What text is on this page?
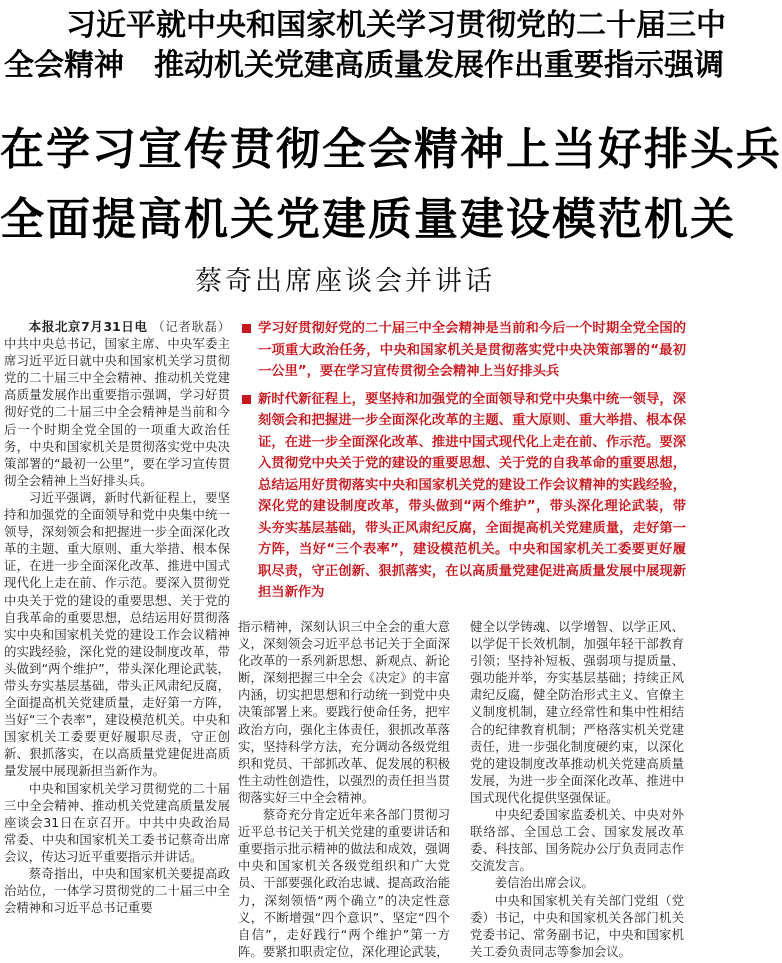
习近平就中央和国家机关学习贯彻党的二十届三中
全会精神　推动机关党建高质量发展作出重要指示强调
在学习宣传贯彻全会精神上当好排头兵
全面提高机关党建质量建设模范机关
蔡奇出席座谈会并讲话

本报北京7月31日电 （记者耿磊）中共中央总书记，国家主席、中央军委主席习近平近日就中央和国家机关学习贯彻党的二十届三中全会精神、推动机关党建高质量发展作出重要指示强调，学习好贯彻好党的二十届三中全会精神是当前和今后一个时期全党全国的一项重大政治任务，中央和国家机关是贯彻落实党中央决策部署的“最初一公里”，要在学习宣传贯彻全会精神上当好排头兵。

习近平强调，新时代新征程上，要坚持和加强党的全面领导和党中央集中统一领导，深刻领会和把握进一步全面深化改革的主题、重大原则、重大举措、根本保证，在进一步全面深化改革、推进中国式现代化上走在前、作示范。要深入贯彻党中央关于党的建设的重要思想、关于党的自我革命的重要思想，总结运用好贯彻落实中央和国家机关党的建设工作会议精神的实践经验，深化党的建设制度改革，带头做到“两个维护”，带头深化理论武装，带头夯实基层基础，带头正风肃纪反腐，全面提高机关党建质量，走好第一方阵，当好“三个表率”，建设模范机关。中央和国家机关工委要更好履职尽责，守正创新、狠抓落实，在以高质量党建促进高质量发展中展现新担当新作为。

中央和国家机关学习贯彻党的二十届三中全会精神、推动机关党建高质量发展座谈会31日在京召开。中共中央政治局常委、中央和国家机关工委书记蔡奇出席会议，传达习近平重要指示并讲话。

蔡奇指出，中央和国家机关要提高政治站位，一体学习贯彻党的二十届三中全会精神和习近平总书记重要

学习好贯彻好党的二十届三中全会精神是当前和今后一个时期全党全国的一项重大政治任务，中央和国家机关是贯彻落实党中央决策部署的“最初一公里”，要在学习宣传贯彻全会精神上当好排头兵
新时代新征程上，要坚持和加强党的全面领导和党中央集中统一领导，深刻领会和把握进一步全面深化改革的主题、重大原则、重大举措、根本保证，在进一步全面深化改革、推进中国式现代化上走在前、作示范。要深入贯彻党中央关于党的建设的重要思想、关于党的自我革命的重要思想，总结运用好贯彻落实中央和国家机关党的建设工作会议精神的实践经验，深化党的建设制度改革，带头做到“两个维护”，带头深化理论武装，带头夯实基层基础，带头正风肃纪反腐，全面提高机关党建质量，走好第一方阵，当好“三个表率”，建设模范机关。中央和国家机关工委要更好履职尽责，守正创新、狠抓落实，在以高质量党建促进高质量发展中展现新担当新作为

指示精神，深刻认识三中全会的重大意义，深刻领会习近平总书记关于全面深化改革的一系列新思想、新观点、新论断，深刻把握三中全会《决定》的丰富内涵，切实把思想和行动统一到党中央决策部署上来。要践行使命任务，把牢政治方向，强化主体责任，狠抓改革落实，坚持科学方法，充分调动各级党组织和党员、干部抓改革、促发展的积极性主动性创造性，以强烈的责任担当贯彻落实好三中全会精神。

蔡奇充分肯定近年来各部门贯彻习近平总书记关于机关党建的重要讲话和重要指示批示精神的做法和成效，强调中央和国家机关各级党组织和广大党员、干部要强化政治忠诚、提高政治能力，深刻领悟“两个确立”的决定性意义，不断增强“四个意识”、坚定“四个自信”，走好践行“两个维护”第一方阵。要紧扣职责定位，深化理论武装，

健全以学铸魂、以学增智、以学正风、以学促干长效机制，加强年轻干部教育引领；坚持补短板、强弱项与提质量、强功能并举，夯实基层基础；持续正风肃纪反腐，健全防治形式主义、官僚主义制度机制，建立经常性和集中性相结合的纪律教育机制；严格落实机关党建责任，进一步强化制度硬约束，以深化党的建设制度改革推动机关党建高质量发展，为进一步全面深化改革、推进中国式现代化提供坚强保证。

中央纪委国家监委机关、中央对外联络部、全国总工会、国家发展改革委、科技部、国务院办公厅负责同志作交流发言。

姜信治出席会议。

中央和国家机关有关部门党组（党委）书记，中央和国家机关各部门机关党委书记、常务副书记，中央和国家机关工委负责同志等参加会议。
